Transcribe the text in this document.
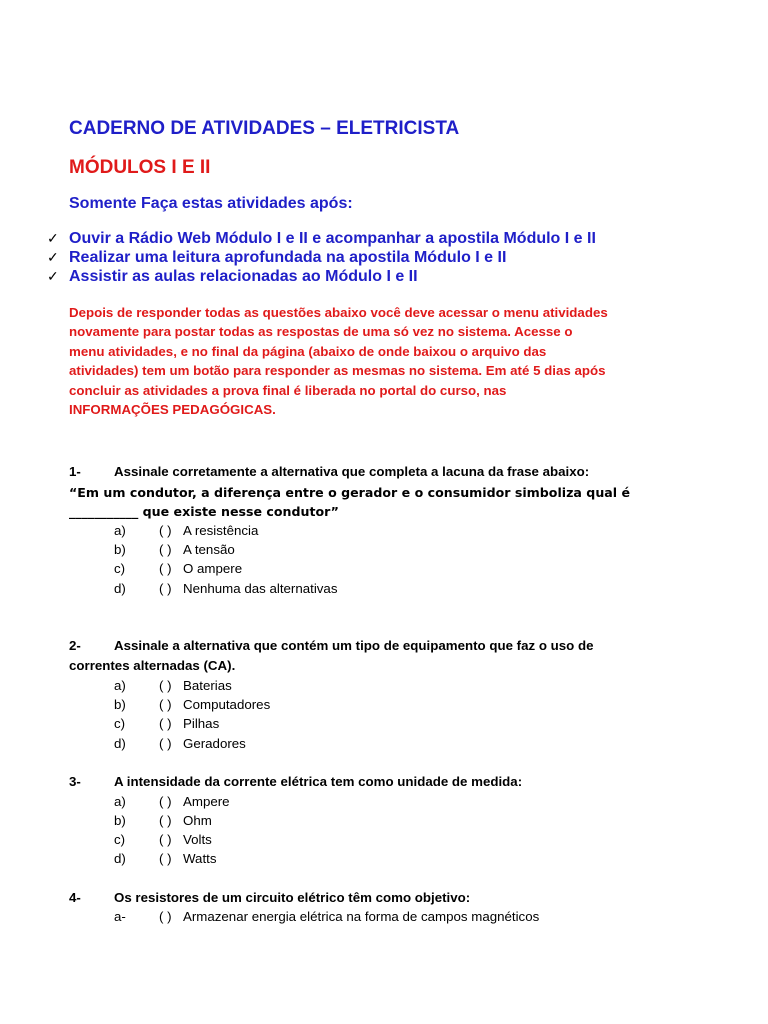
CADERNO DE ATIVIDADES – ELETRICISTA
MÓDULOS I E II
Somente Faça estas atividades após:
✓ Ouvir a Rádio Web Módulo I e II e acompanhar a apostila Módulo I e II
✓ Realizar uma leitura aprofundada na apostila Módulo I e II
✓ Assistir as aulas relacionadas ao Módulo I e II
Depois de responder todas as questões abaixo você deve acessar o menu atividades
novamente para postar todas as respostas de uma só vez no sistema. Acesse o
menu atividades, e no final da página (abaixo de onde baixou o arquivo das
atividades) tem um botão para responder as mesmas no sistema. Em até 5 dias após
concluir as atividades a prova final é liberada no portal do curso, nas
INFORMAÇÕES PEDAGÓGICAS.
1- Assinale corretamente a alternativa que completa a lacuna da frase abaixo:
“Em um condutor, a diferença entre o gerador e o consumidor simboliza qual é
___________ que existe nesse condutor”
a) ( ) A resistência
b) ( ) A tensão
c)	( ) O ampere
d) ( ) Nenhuma das alternativas
2- Assinale a alternativa que contém um tipo de equipamento que faz o uso de
correntes alternadas (CA).
a) ( ) Baterias
b) ( ) Computadores
c)	( ) Pilhas
d) ( ) Geradores
3- A intensidade da corrente elétrica tem como unidade de medida:
a) ( ) Ampere
b) ( ) Ohm
c)	( ) Volts
d) ( ) Watts
4- Os resistores de um circuito elétrico têm como objetivo:
a- ( ) Armazenar energia elétrica na forma de campos magnéticos
